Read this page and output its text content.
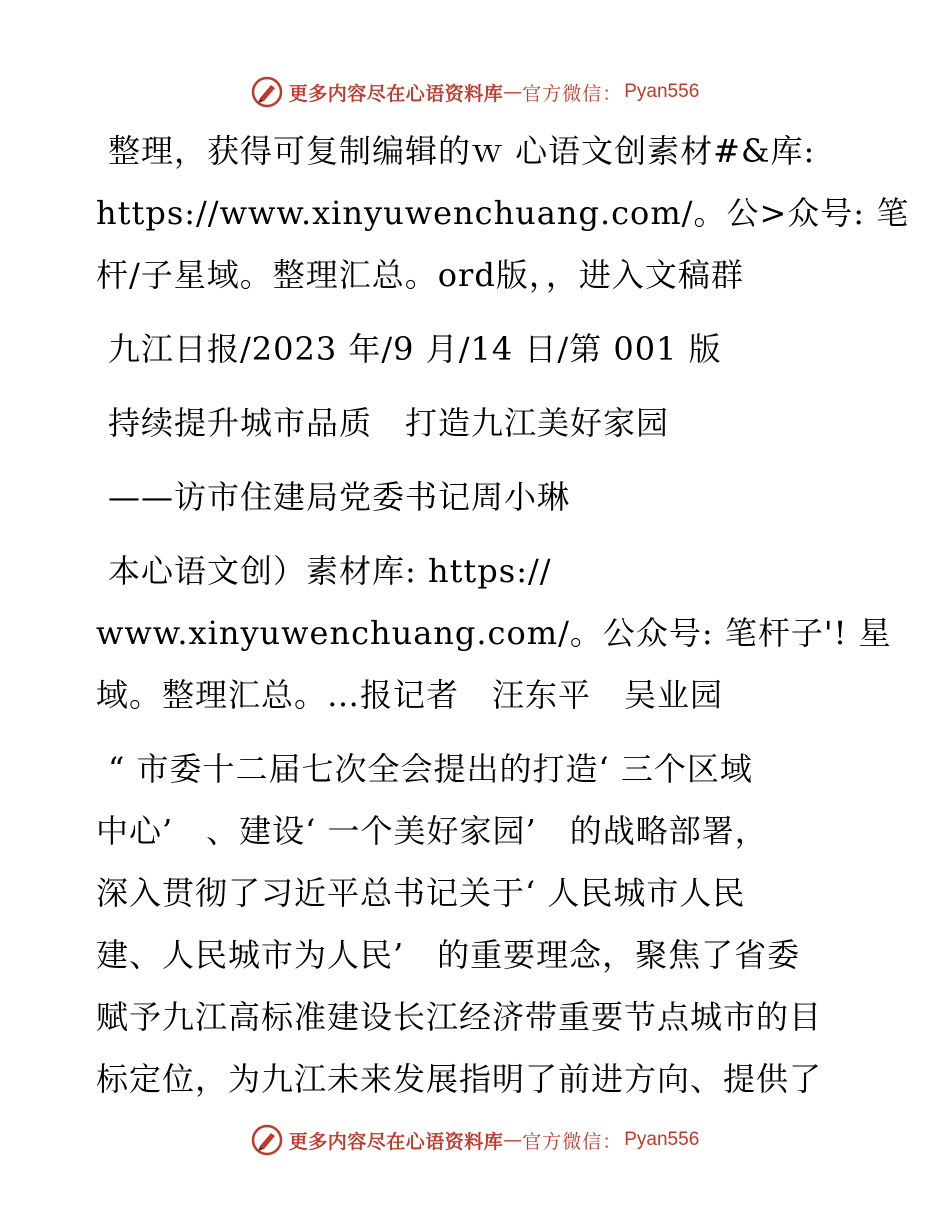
更多内容尽在心语资料库 — 官方微信： Pyan556
整理，获得可复制编辑的ｗ 心语文创素材#&库:
https://www.xinyuwenchuang.com/。公>众号: 笔
杆/子星域。整理汇总。ord版，，进入文稿群
九江日报/2023 年/9 月/14 日/第 001 版
持续提升城市品质　打造九江美好家园
——访市住建局党委书记周小琳
本心语文创）素材库: https://
www.xinyuwenchuang.com/。公众号: 笔杆子'! 星
域。整理汇总。…报记者　汪东平　吴业园
“ 市委十二届七次全会提出的打造‘ 三个区域
中心’　、建设‘ 一个美好家园’　的战略部署，
深入贯彻了习近平总书记关于‘ 人民城市人民
建、人民城市为人民’　的重要理念，聚焦了省委
赋予九江高标准建设长江经济带重要节点城市的目
标定位，为九江未来发展指明了前进方向、提供了
更多内容尽在心语资料库 — 官方微信： Pyan556
